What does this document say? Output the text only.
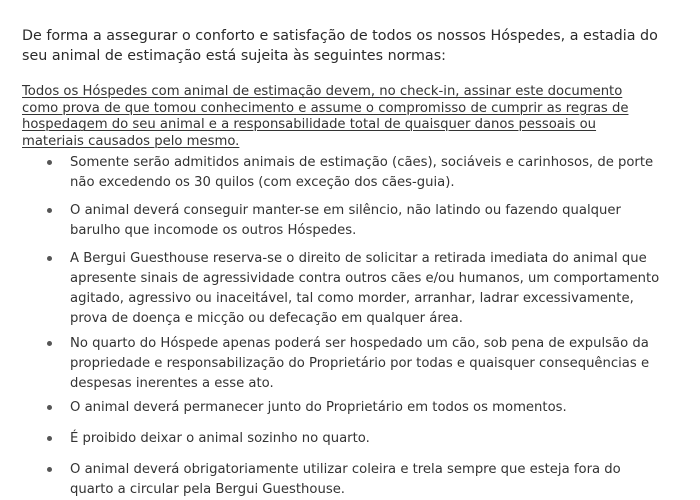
De forma a assegurar o conforto e satisfação de todos os nossos Hóspedes, a estadia do seu animal de estimação está sujeita às seguintes normas:

Todos os Hóspedes com animal de estimação devem, no check-in, assinar este documento como prova de que tomou conhecimento e assume o compromisso de cumprir as regras de hospedagem do seu animal e a responsabilidade total de quaisquer danos pessoais ou materiais causados pelo mesmo.

Somente serão admitidos animais de estimação (cães), sociáveis e carinhosos, de porte não excedendo os 30 quilos (com exceção dos cães-guia).
O animal deverá conseguir manter-se em silêncio, não latindo ou fazendo qualquer barulho que incomode os outros Hóspedes.
A Bergui Guesthouse reserva-se o direito de solicitar a retirada imediata do animal que apresente sinais de agressividade contra outros cães e/ou humanos, um comportamento agitado, agressivo ou inaceitável, tal como morder, arranhar, ladrar excessivamente, prova de doença e micção ou defecação em qualquer área.
No quarto do Hóspede apenas poderá ser hospedado um cão, sob pena de expulsão da propriedade e responsabilização do Proprietário por todas e quaisquer consequências e despesas inerentes a esse ato.
O animal deverá permanecer junto do Proprietário em todos os momentos.
É proibido deixar o animal sozinho no quarto.
O animal deverá obrigatoriamente utilizar coleira e trela sempre que esteja fora do quarto a circular pela Bergui Guesthouse.
